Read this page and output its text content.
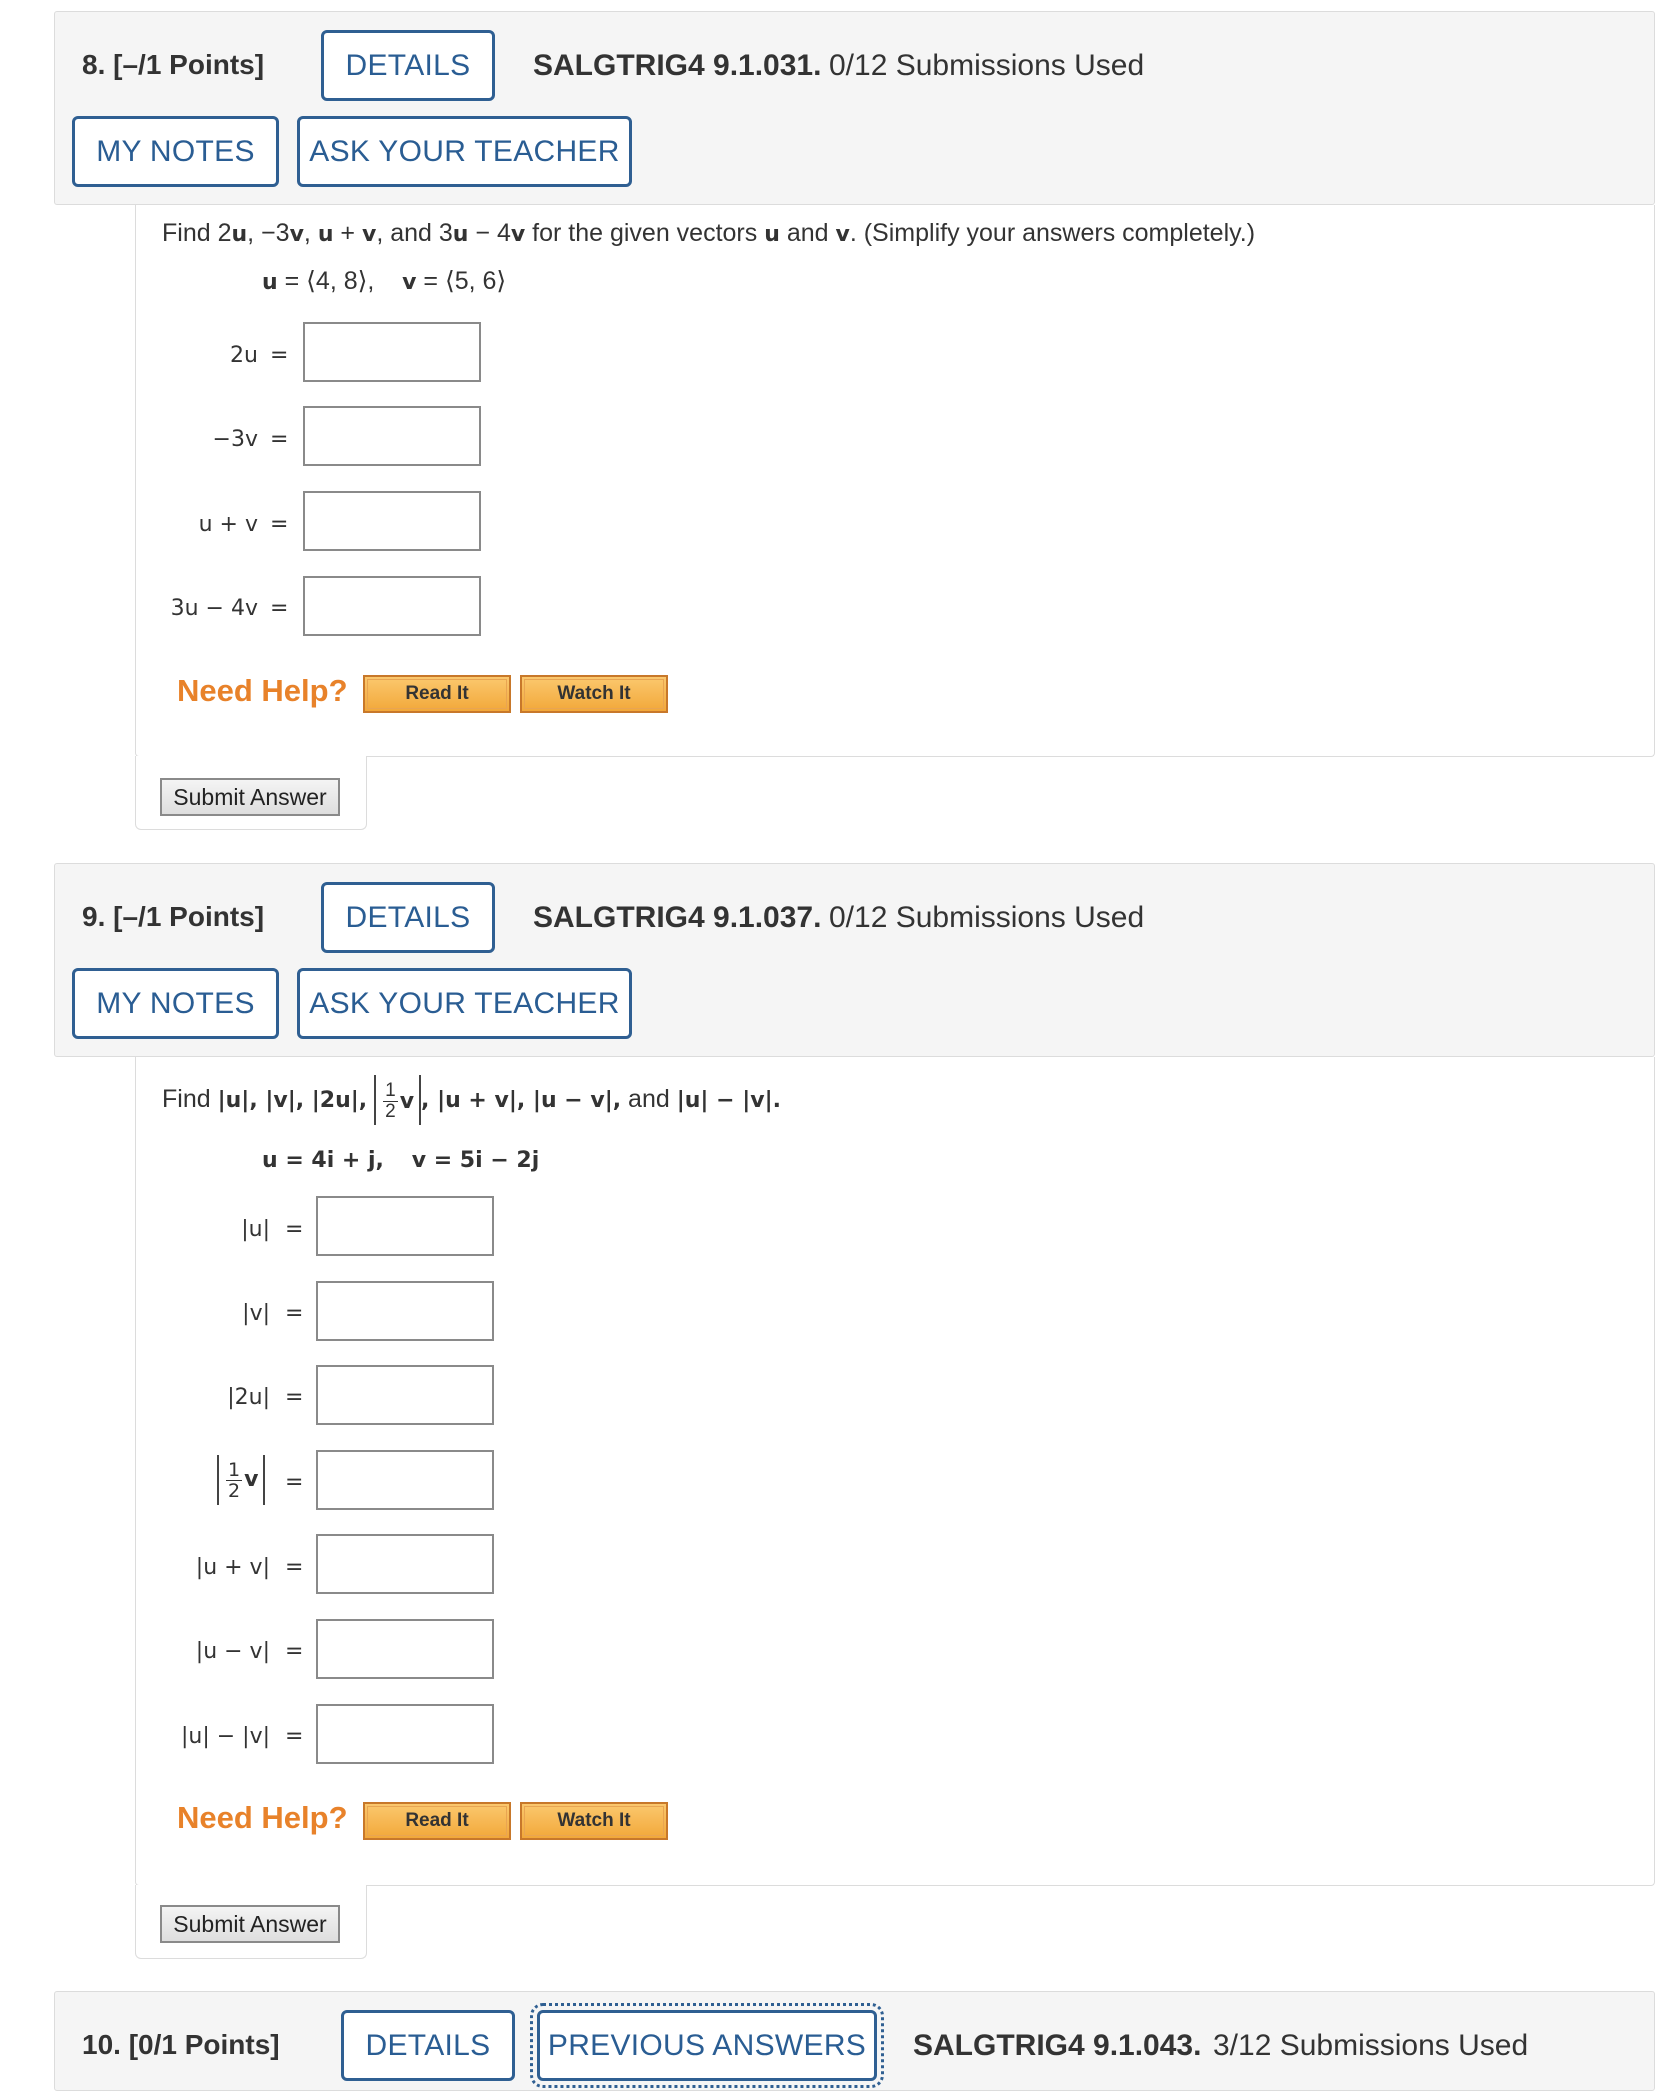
8. [–/1 Points]	DETAILS	SALGTRIG4 9.1.031. 0/12 Submissions Used
MY NOTES	ASK YOUR TEACHER
Find 2u, −3v, u + v, and 3u − 4v for the given vectors u and v. (Simplify your answers completely.)
u = ⟨4, 8⟩, v = ⟨5, 6⟩
2u =
−3v =
u + v =
3u − 4v =
Need Help?	Read It	Watch It
Submit Answer
9. [–/1 Points]	DETAILS	SALGTRIG4 9.1.037. 0/12 Submissions Used
MY NOTES	ASK YOUR TEACHER
Find |u|, |v|, |2u|, $\frac{1}{2}$ v , |u + v|, |u − v|, and |u| − |v|.
u = 4i + j, v = 5i − 2j
|u| =
|v| =
|2u| =
$\frac{1}{2}$ v	=
|u + v| =
|u − v| =
|u| − |v| =
Need Help?	Read It	Watch It
Submit Answer
10. [0/1 Points]	DETAILS	PREVIOUS ANSWERS	SALGTRIG4 9.1.043. 3/12 Submissions Used
